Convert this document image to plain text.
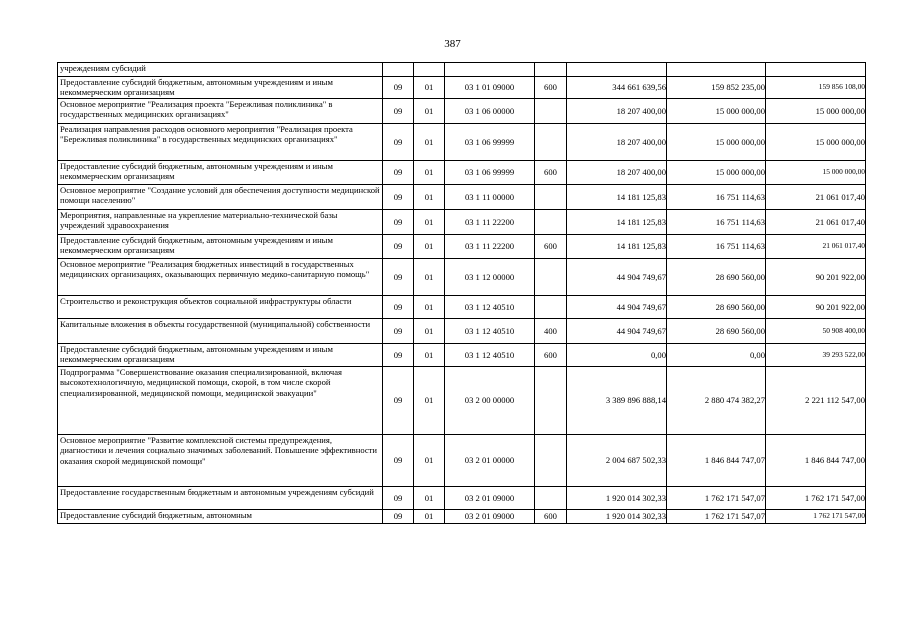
387
учреждениям субсидий							
Предоставление субсидий бюджетным, автономным учреждениям и иным некоммерческим организациям	09	01	03 1 01 09000	600	344 661 639,56	159 852 235,00	159 856 108,00
Основное мероприятие "Реализация проекта "Бережливая поликлиника" в государственных медицинских организациях"	09	01	03 1 06 00000		18 207 400,00	15 000 000,00	15 000 000,00
Реализация направления расходов основного мероприятия "Реализация проекта "Бережливая поликлиника" в государственных медицинских организациях"	09	01	03 1 06 99999		18 207 400,00	15 000 000,00	15 000 000,00
Предоставление субсидий бюджетным, автономным учреждениям и иным некоммерческим организациям	09	01	03 1 06 99999	600	18 207 400,00	15 000 000,00	15 000 000,00
Основное мероприятие "Создание условий для обеспечения доступности медицинской помощи населению"	09	01	03 1 11 00000		14 181 125,83	16 751 114,63	21 061 017,40
Мероприятия, направленные на укрепление материально-технической базы учреждений здравоохранения	09	01	03 1 11 22200		14 181 125,83	16 751 114,63	21 061 017,40
Предоставление субсидий бюджетным, автономным учреждениям и иным некоммерческим организациям	09	01	03 1 11 22200	600	14 181 125,83	16 751 114,63	21 061 017,40
Основное мероприятие "Реализация бюджетных инвестиций в государственных медицинских организациях, оказывающих первичную медико-санитарную помощь"	09	01	03 1 12 00000		44 904 749,67	28 690 560,00	90 201 922,00
Строительство и реконструкция объектов социальной инфраструктуры области	09	01	03 1 12 40510		44 904 749,67	28 690 560,00	90 201 922,00
Капитальные вложения в объекты государственной (муниципальной) собственности	09	01	03 1 12 40510	400	44 904 749,67	28 690 560,00	50 908 400,00
Предоставление субсидий бюджетным, автономным учреждениям и иным некоммерческим организациям	09	01	03 1 12 40510	600	0,00	0,00	39 293 522,00
Подпрограмма "Совершенствование оказания специализированной, включая высокотехнологичную, медицинской помощи, скорой, в том числе скорой специализированной, медицинской помощи, медицинской эвакуации"	09	01	03 2 00 00000		3 389 896 888,14	2 880 474 382,27	2 221 112 547,00
Основное мероприятие "Развитие комплексной системы предупреждения, диагностики и лечения социально значимых заболеваний. Повышение эффективности оказания скорой медицинской помощи"	09	01	03 2 01 00000		2 004 687 502,33	1 846 844 747,07	1 846 844 747,00
Предоставление государственным бюджетным и автономным учреждениям субсидий	09	01	03 2 01 09000		1 920 014 302,33	1 762 171 547,07	1 762 171 547,00
Предоставление субсидий бюджетным, автономным	09	01	03 2 01 09000	600	1 920 014 302,33	1 762 171 547,07	1 762 171 547,00
